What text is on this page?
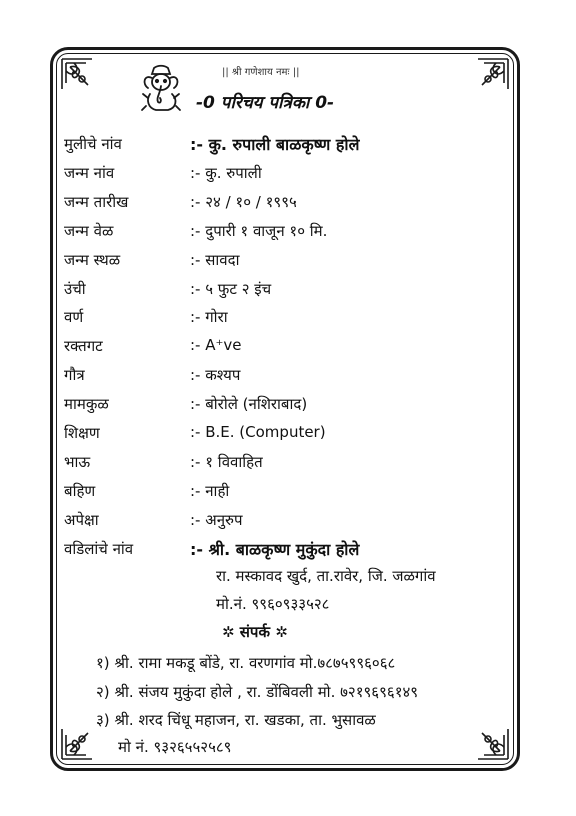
|| श्री गणेशाय नमः ||
-0 परिचय पत्रिका 0-
मुलीचे नांव	:- कु. रुपाली बाळकृष्ण होले
जन्म नांव	:- कु. रुपाली
जन्म तारीख	:- २४ / १० / १९९५
जन्म वेळ	:- दुपारी १ वाजून १० मि.
जन्म स्थळ	:- सावदा
उंची	:- ५ फुट २ इंच
वर्ण	:- गोरा
रक्तगट	:- A⁺ve
गौत्र	:- कश्यप
मामकुळ	:- बोरोले (नशिराबाद)
शिक्षण	:- B.E. (Computer)
भाऊ	:- १ विवाहित
बहिण	:- नाही
अपेक्षा	:- अनुरुप
वडिलांचे नांव	:- श्री. बाळकृष्ण मुकुंदा होले
रा. मस्कावद खुर्द, ता.रावेर, जि. जळगांव
मो.नं. ९९६०९३३५२८
✲ संपर्क ✲
१) श्री. रामा मकडू बोंडे, रा. वरणगांव मो.७८७५९९६०६८
२) श्री. संजय मुकुंदा होले , रा. डोंबिवली मो. ७२१९६९६१४९
३) श्री. शरद चिंधू महाजन, रा. खडका, ता. भुसावळ
मो नं. ९३२६५५२५८९
